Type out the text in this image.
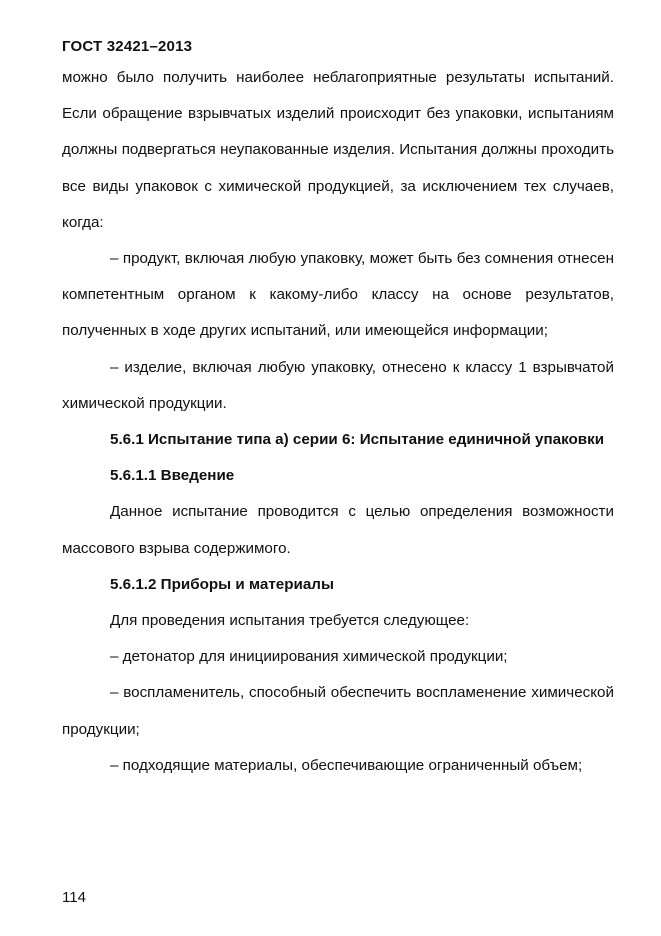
ГОСТ 32421–2013

можно было получить наиболее неблагоприятные результаты испытаний. Если обращение взрывчатых изделий происходит без упаковки, испытаниям должны подвергаться неупакованные изделия. Испытания должны проходить все виды упаковок с химической продукцией, за исключением тех случаев, когда:

– продукт, включая любую упаковку, может быть без сомнения отнесен компетентным органом к какому-либо классу на основе результатов, полученных в ходе других испытаний, или имеющейся информации;

– изделие, включая любую упаковку, отнесено к классу 1 взрывчатой химической продукции.

5.6.1 Испытание типа а) серии 6: Испытание единичной упаковки

5.6.1.1 Введение

Данное испытание проводится с целью определения возможности массового взрыва содержимого.

5.6.1.2 Приборы и материалы

Для проведения испытания требуется следующее:

– детонатор для инициирования химической продукции;

– воспламенитель, способный обеспечить воспламенение химической продукции;

– подходящие материалы, обеспечивающие ограниченный объем;

114
